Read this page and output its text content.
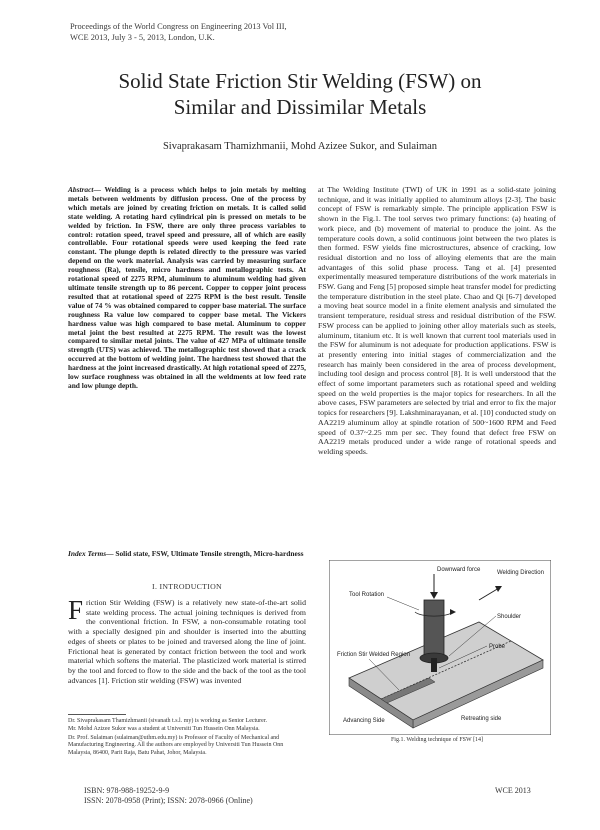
Proceedings of the World Congress on Engineering 2013 Vol III,
WCE 2013, July 3 - 5, 2013, London, U.K.
Solid State Friction Stir Welding (FSW) on
Similar and Dissimilar Metals
Sivaprakasam Thamizhmanii, Mohd Azizee Sukor, and Sulaiman
Abstract— Welding is a process which helps to join metals by melting metals between weldments by diffusion process. One of the process by which metals are joined by creating friction on metals. It is called solid state welding. A rotating hard cylindrical pin is pressed on metals to be welded by friction. In FSW, there are only three process variables to control: rotation speed, travel speed and pressure, all of which are easily controllable. Four rotational speeds were used keeping the feed rate constant. The plunge depth is related directly to the pressure was varied depend on the work material. Analysis was carried by measuring surface roughness (Ra), tensile, micro hardness and metallographic tests. At rotational speed of 2275 RPM, aluminum to aluminum welding had given ultimate tensile strength up to 86 percent. Copper to copper joint process resulted that at rotational speed of 2275 RPM is the best result. Tensile value of 74 % was obtained compared to copper base material. The surface roughness Ra value low compared to copper base metal. The Vickers hardness value was high compared to base metal. Aluminum to copper metal joint the best resulted at 2275 RPM. The result was the lowest compared to similar metal joints. The value of 427 MPa of ultimate tensile strength (UTS) was achieved. The metallographic test showed that a crack occurred at the bottom of welding joint. The hardness test showed that the hardness at the joint increased drastically. At high rotational speed of 2275, low surface roughness was obtained in all the weldments at low feed rate and low plunge depth.
Index Terms— Solid state, FSW, Ultimate Tensile strength, Micro-hardness
I. INTRODUCTION
Friction Stir Welding (FSW) is a relatively new state-of-the-art solid state welding process. The actual joining techniques is derived from the conventional friction. In FSW, a non-consumable rotating tool with a specially designed pin and shoulder is inserted into the abutting edges of sheets or plates to be joined and traversed along the line of joint. Frictional heat is generated by contact friction between the tool and work material which softens the material. The plasticized work material is stirred by the tool and forced to flow to the side and the back of the tool as the tool advances [1]. Friction stir welding (FSW) was invented

Dr. Sivaprakasam Thamizhmanii (sivanath t.s.l. my) is working as Senior Lecturer.

Mr. Mohd Azizee Sukor was a student at Universiti Tun Hussein Onn Malaysia.

Dr. Prof. Sulaiman (sulaiman@uthm.edu.my) is Professor of Faculty of Mechanical and Manufacturing Engineering. All the authors are employed by Universiti Tun Hussein Onn Malaysia, 86400, Parit Raja, Batu Pahat, Johor, Malaysia.

at The Welding Institute (TWI) of UK in 1991 as a solid-state joining technique, and it was initially applied to aluminum alloys [2-3]. The basic concept of FSW is remarkably simple. The principle application FSW is shown in the Fig.1. The tool serves two primary functions: (a) heating of work piece, and (b) movement of material to produce the joint. As the temperature cools down, a solid continuous joint between the two plates is then formed. FSW yields fine microstructures, absence of cracking, low residual distortion and no loss of alloying elements that are the main advantages of this solid phase process. Tang et al. [4] presented experimentally measured temperature distributions of the work materials in FSW. Gang and Feng [5] proposed simple heat transfer model for predicting the temperature distribution in the steel plate. Chao and Qi [6-7] developed a moving heat source model in a finite element analysis and simulated the transient temperature, residual stress and residual distribution of the FSW. FSW process can be applied to joining other alloy materials such as steels, aluminum, titanium etc. It is well known that current tool materials used in the FSW for aluminum is not adequate for production applications. FSW is at presently entering into initial stages of commercialization and the research has mainly been considered in the area of process development, including tool design and process control [8]. It is well understood that the effect of some important parameters such as rotational speed and welding speed on the weld properties is the major topics for researchers. In all the above cases, FSW parameters are selected by trial and error to fix the major topics for researchers [9]. Lakshminarayanan, et al. [10] conducted study on AA2219 aluminum alloy at spindle rotation of 500~1600 RPM and Feed speed of 0.37~2.25 mm per sec. They found that defect free FSW on AA2219 metals produced under a wide range of rotational speeds and welding speeds.
Downward force	Welding Direction
Tool Rotation
Shoulder
Friction Stir Welded Region
Probe
Advancing Side	Retreating side
Fig.1. Welding technique of FSW [14]
ISBN: 978-988-19252-9-9
ISSN: 2078-0958 (Print); ISSN: 2078-0966 (Online)
WCE 2013
